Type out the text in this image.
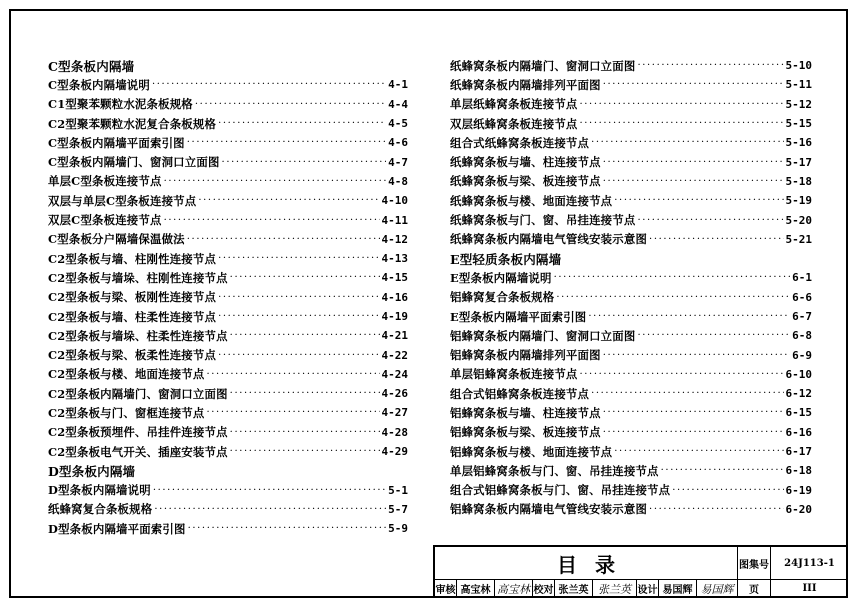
C型条板内隔墙
C型条板内隔墙说明 ·····	4-1
C1型聚苯颗粒水泥条板规格 ·····	4-4
C2型聚苯颗粒水泥复合条板规格 ·····	4-5
C型条板内隔墙平面索引图 ·····	4-6
C型条板内隔墙门、窗洞口立面图 ·····	4-7
单层C型条板连接节点 ·····	4-8
双层与单层C型条板连接节点 ·····	4-10
双层C型条板连接节点 ·····	4-11
C型条板分户隔墙保温做法 ·····	4-12
C2型条板与墙、柱刚性连接节点 ·····	4-13
C2型条板与墙垛、柱刚性连接节点 ·····	4-15
C2型条板与梁、板刚性连接节点 ·····	4-16
C2型条板与墙、柱柔性连接节点 ·····	4-19
C2型条板与墙垛、柱柔性连接节点 ·····	4-21
C2型条板与梁、板柔性连接节点 ·····	4-22
C2型条板与楼、地面连接节点 ·····	4-24
C2型条板内隔墙门、窗洞口立面图 ·····	4-26
C2型条板与门、窗框连接节点 ·····	4-27
C2型条板预埋件、吊挂件连接节点 ·····	4-28
C2型条板电气开关、插座安装节点 ·····	4-29
D型条板内隔墙
D型条板内隔墙说明 ·····	5-1
纸蜂窝复合条板规格 ·····	5-7
D型条板内隔墙平面索引图 ·····	5-9
纸蜂窝条板内隔墙门、窗洞口立面图 ·····	5-10
纸蜂窝条板内隔墙排列平面图 ·····	5-11
单层纸蜂窝条板连接节点 ·····	5-12
双层纸蜂窝条板连接节点 ·····	5-15
组合式纸蜂窝条板连接节点 ·····	5-16
纸蜂窝条板与墙、柱连接节点 ·····	5-17
纸蜂窝条板与梁、板连接节点 ·····	5-18
纸蜂窝条板与楼、地面连接节点 ·····	5-19
纸蜂窝条板与门、窗、吊挂连接节点 ·····	5-20
纸蜂窝条板内隔墙电气管线安装示意图 ·····	5-21
E型轻质条板内隔墙
E型条板内隔墙说明 ·····	6-1
铝蜂窝复合条板规格 ·····	6-6
E型条板内隔墙平面索引图 ·····	6-7
铝蜂窝条板内隔墙门、窗洞口立面图 ·····	6-8
铝蜂窝条板内隔墙排列平面图 ·····	6-9
单层铝蜂窝条板连接节点 ·····	6-10
组合式铝蜂窝条板连接节点 ·····	6-12
铝蜂窝条板与墙、柱连接节点 ·····	6-15
铝蜂窝条板与梁、板连接节点 ·····	6-16
铝蜂窝条板与楼、地面连接节点 ·····	6-17
单层铝蜂窝条板与门、窗、吊挂连接节点 ·····	6-18
组合式铝蜂窝条板与门、窗、吊挂连接节点 ·····	6-19
铝蜂窝条板内隔墙电气管线安装示意图 ·····	6-20
目录	图集号	24J113-1
审核 高宝林 高宝林 校对 张兰英 张兰英 设计 易国辉 易国辉	页	III
